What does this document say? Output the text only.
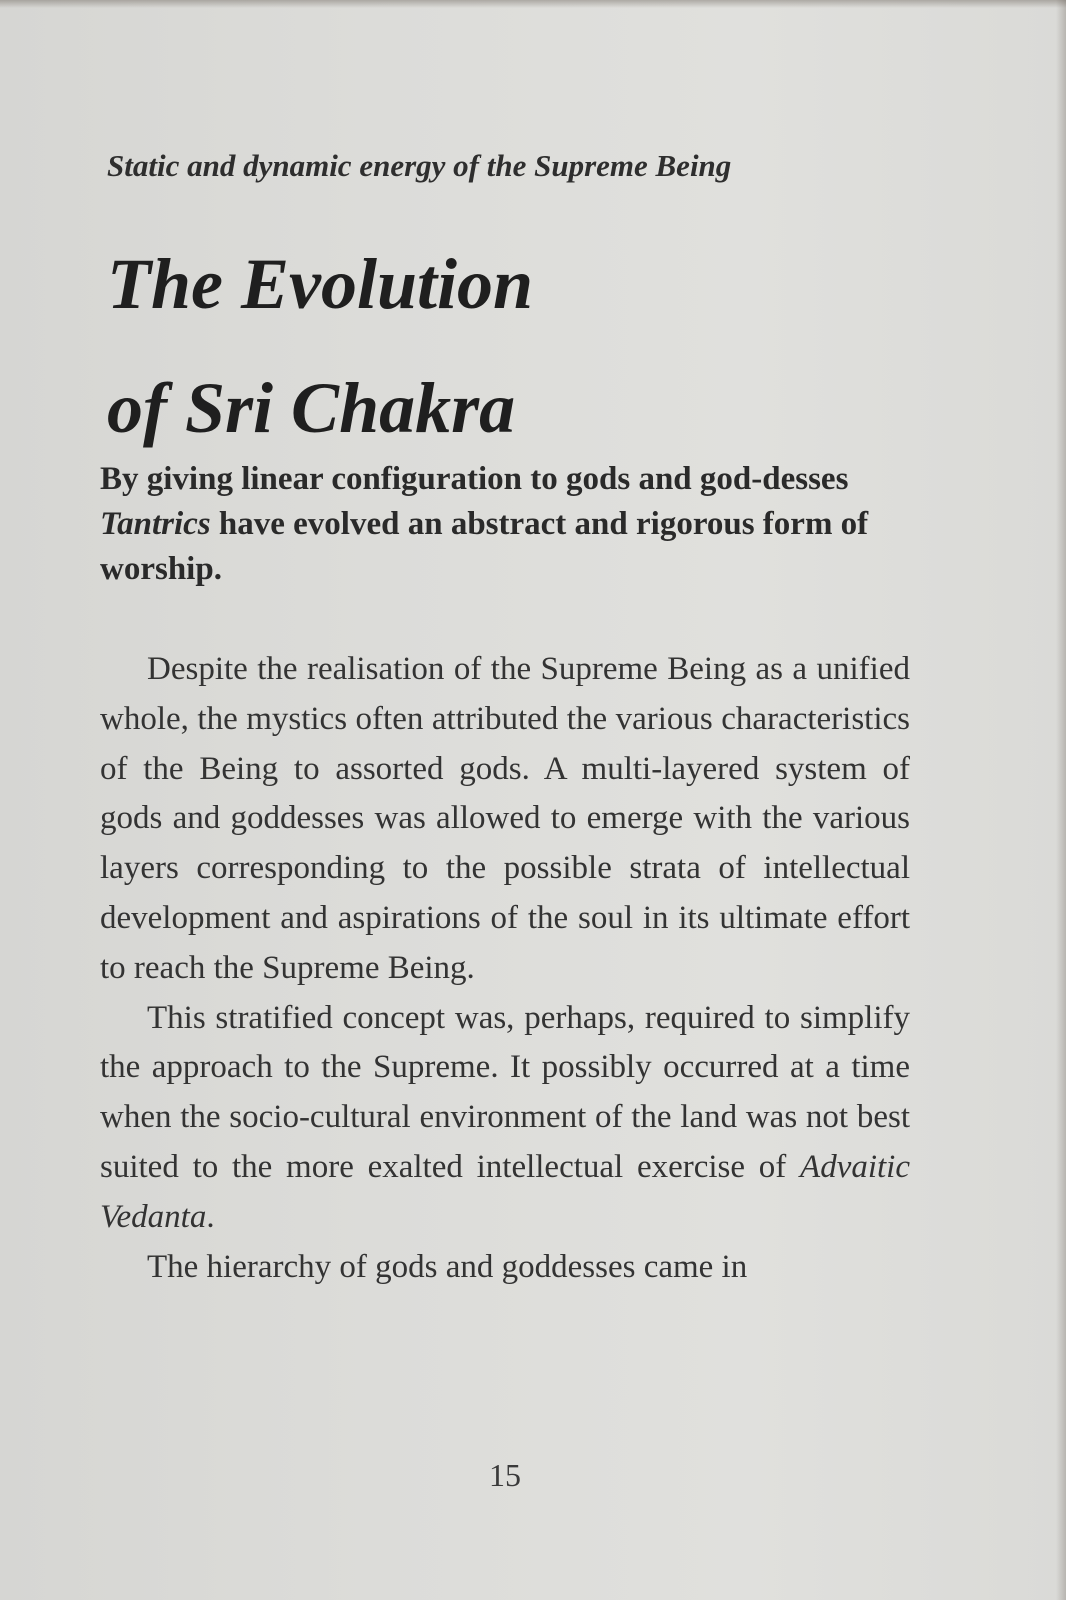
Static and dynamic energy of the Supreme Being

The Evolution
of Sri Chakra

By giving linear configuration to gods and god-desses Tantrics have evolved an abstract and rigorous form of worship.

Despite the realisation of the Supreme Being as a unified whole, the mystics often attributed the various characteristics of the Being to assorted gods. A multi-layered system of gods and goddesses was allowed to emerge with the various layers corresponding to the possible strata of intellectual development and aspirations of the soul in its ultimate effort to reach the Supreme Being.

This stratified concept was, perhaps, required to simplify the approach to the Supreme. It possibly occurred at a time when the socio-cultural environment of the land was not best suited to the more exalted intellectual exercise of Advaitic Vedanta.

The hierarchy of gods and goddesses came in

15
